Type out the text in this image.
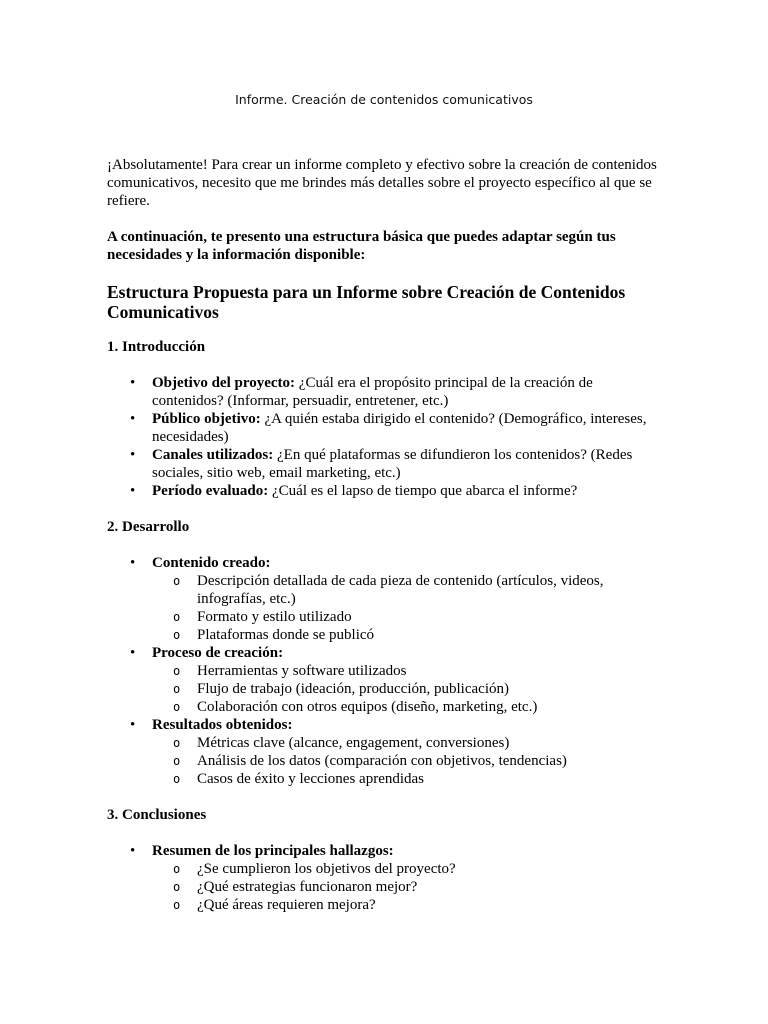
Informe. Creación de contenidos comunicativos

¡Absolutamente! Para crear un informe completo y efectivo sobre la creación de contenidos comunicativos, necesito que me brindes más detalles sobre el proyecto específico al que se refiere.

A continuación, te presento una estructura básica que puedes adaptar según tus necesidades y la información disponible:

Estructura Propuesta para un Informe sobre Creación de Contenidos Comunicativos
1. Introducción
• Objetivo del proyecto: ¿Cuál era el propósito principal de la creación de contenidos? (Informar, persuadir, entretener, etc.)
• Público objetivo: ¿A quién estaba dirigido el contenido? (Demográfico, intereses, necesidades)
• Canales utilizados: ¿En qué plataformas se difundieron los contenidos? (Redes sociales, sitio web, email marketing, etc.)
• Período evaluado: ¿Cuál es el lapso de tiempo que abarca el informe?
2. Desarrollo
• Contenido creado:
o Descripción detallada de cada pieza de contenido (artículos, videos, infografías, etc.)
o Formato y estilo utilizado
o Plataformas donde se publicó
• Proceso de creación:
o Herramientas y software utilizados
o Flujo de trabajo (ideación, producción, publicación)
o Colaboración con otros equipos (diseño, marketing, etc.)
• Resultados obtenidos:
o Métricas clave (alcance, engagement, conversiones)
o Análisis de los datos (comparación con objetivos, tendencias)
o Casos de éxito y lecciones aprendidas
3. Conclusiones
• Resumen de los principales hallazgos:
o ¿Se cumplieron los objetivos del proyecto?
o ¿Qué estrategias funcionaron mejor?
o ¿Qué áreas requieren mejora?
